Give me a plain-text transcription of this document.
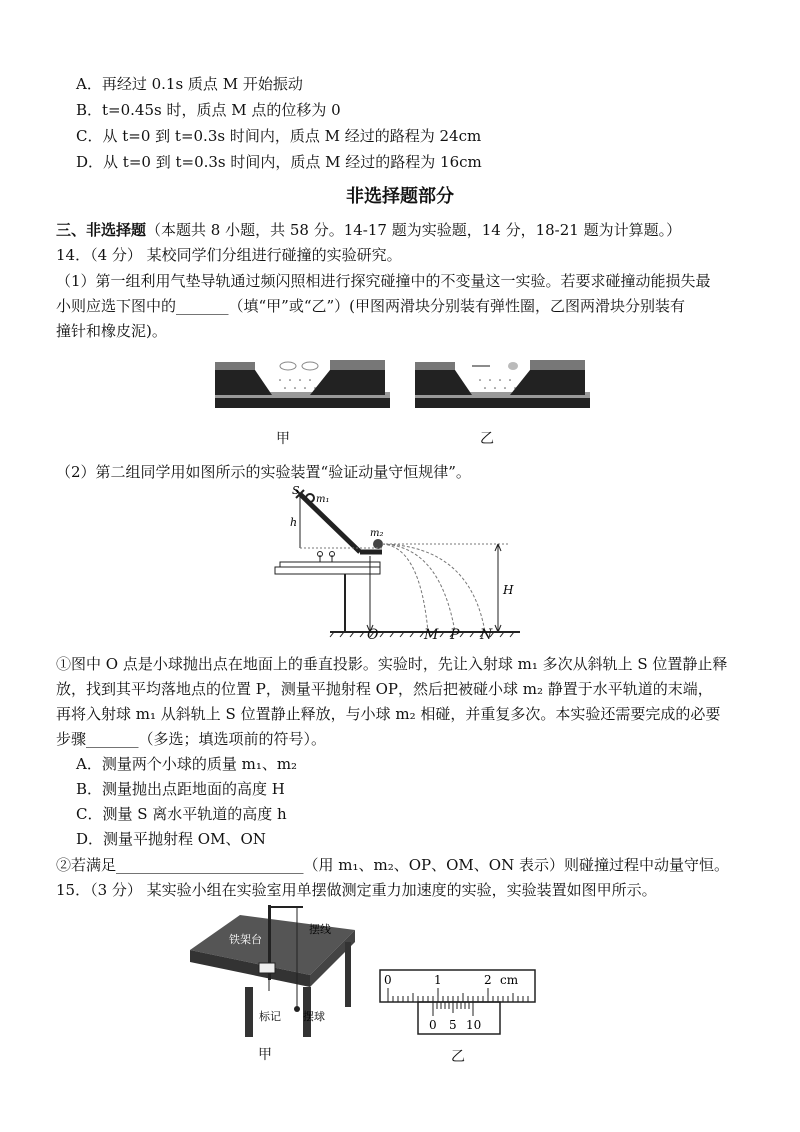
A．再经过 0.1s 质点 M 开始振动
B．t=0.45s 时，质点 M 点的位移为 0
C．从 t=0 到 t=0.3s 时间内，质点 M 经过的路程为 24cm
D．从 t=0 到 t=0.3s 时间内，质点 M 经过的路程为 16cm
非选择题部分
三、非选择题（本题共 8 小题，共 58 分。14-17 题为实验题，14 分，18-21 题为计算题。）
14．（4 分） 某校同学们分组进行碰撞的实验研究。
（1）第一组利用气垫导轨通过频闪照相进行探究碰撞中的不变量这一实验。若要求碰撞动能损失最
小则应选下图中的_______（填“甲”或“乙”）(甲图两滑块分别装有弹性圈，乙图两滑块分别装有
撞针和橡皮泥)。
甲	乙
（2）第二组同学用如图所示的实验装置“验证动量守恒规律”。
S
m₁
m₂
h
H
O	M P N
①图中 O 点是小球抛出点在地面上的垂直投影。实验时，先让入射球 m₁ 多次从斜轨上 S 位置静止释
放，找到其平均落地点的位置 P，测量平抛射程 OP，然后把被碰小球 m₂ 静置于水平轨道的末端，
再将入射球 m₁ 从斜轨上 S 位置静止释放，与小球 m₂ 相碰，并重复多次。本实验还需要完成的必要
步骤_______（多选；填选项前的符号）。
A．测量两个小球的质量 m₁、m₂
B．测量抛出点距地面的高度 H
C．测量 S 离水平轨道的高度 h
D．测量平抛射程 OM、ON
②若满足_________________________（用 m₁、m₂、OP、OM、ON 表示）则碰撞过程中动量守恒。
15．（3 分） 某实验小组在实验室用单摆做测定重力加速度的实验，实验装置如图甲所示。
铁架台
摆线
标记 摆球
甲
0	1	2 cm
0 5 10
乙
